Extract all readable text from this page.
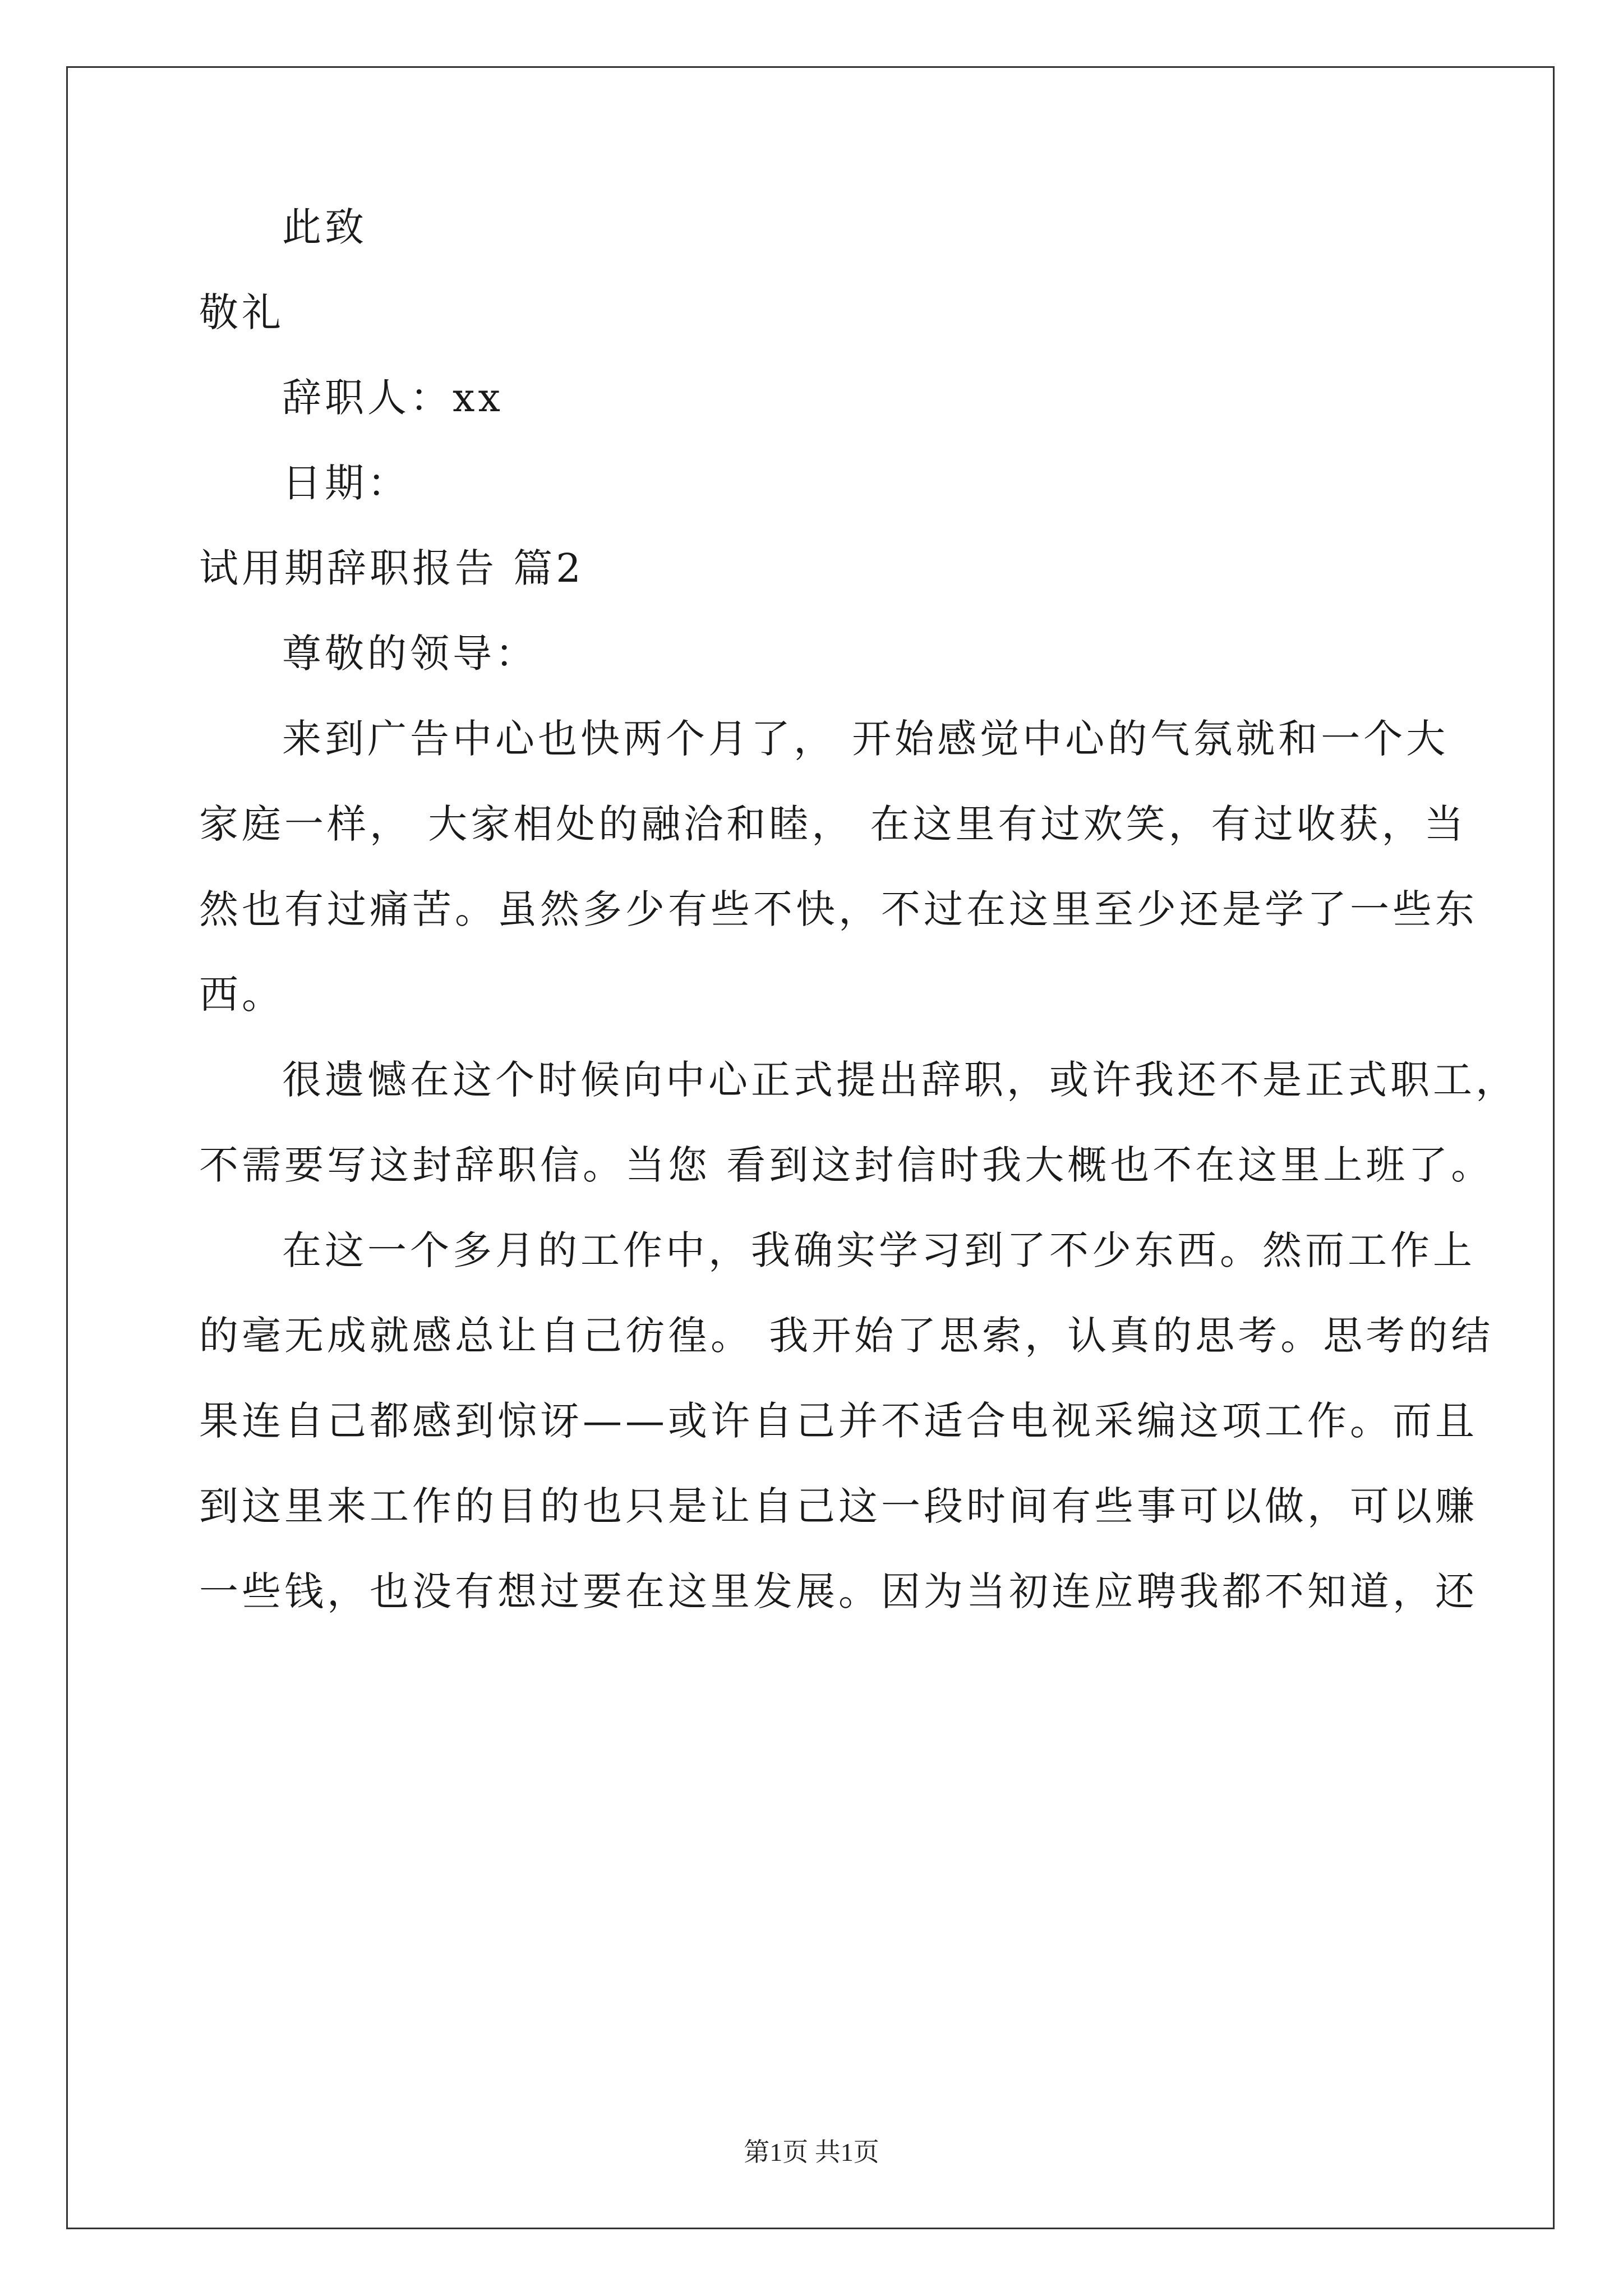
此致
敬礼
辞职人：xx
日期：
试用期辞职报告 篇2
尊敬的领导：
来到广告中心也快两个月了， 开始感觉中心的气氛就和一个大
家庭一样， 大家相处的融洽和睦， 在这里有过欢笑，有过收获，当
然也有过痛苦。虽然多少有些不快，不过在这里至少还是学了一些东
西。
很遗憾在这个时候向中心正式提出辞职，或许我还不是正式职工，
不需要写这封辞职信。当您 看到这封信时我大概也不在这里上班了。
在这一个多月的工作中，我确实学习到了不少东西。然而工作上
的毫无成就感总让自己彷徨。 我开始了思索，认真的思考。思考的结
果连自己都感到惊讶——或许自己并不适合电视采编这项工作。而且
到这里来工作的目的也只是让自己这一段时间有些事可以做，可以赚
一些钱，也没有想过要在这里发展。因为当初连应聘我都不知道，还
第1页 共1页
